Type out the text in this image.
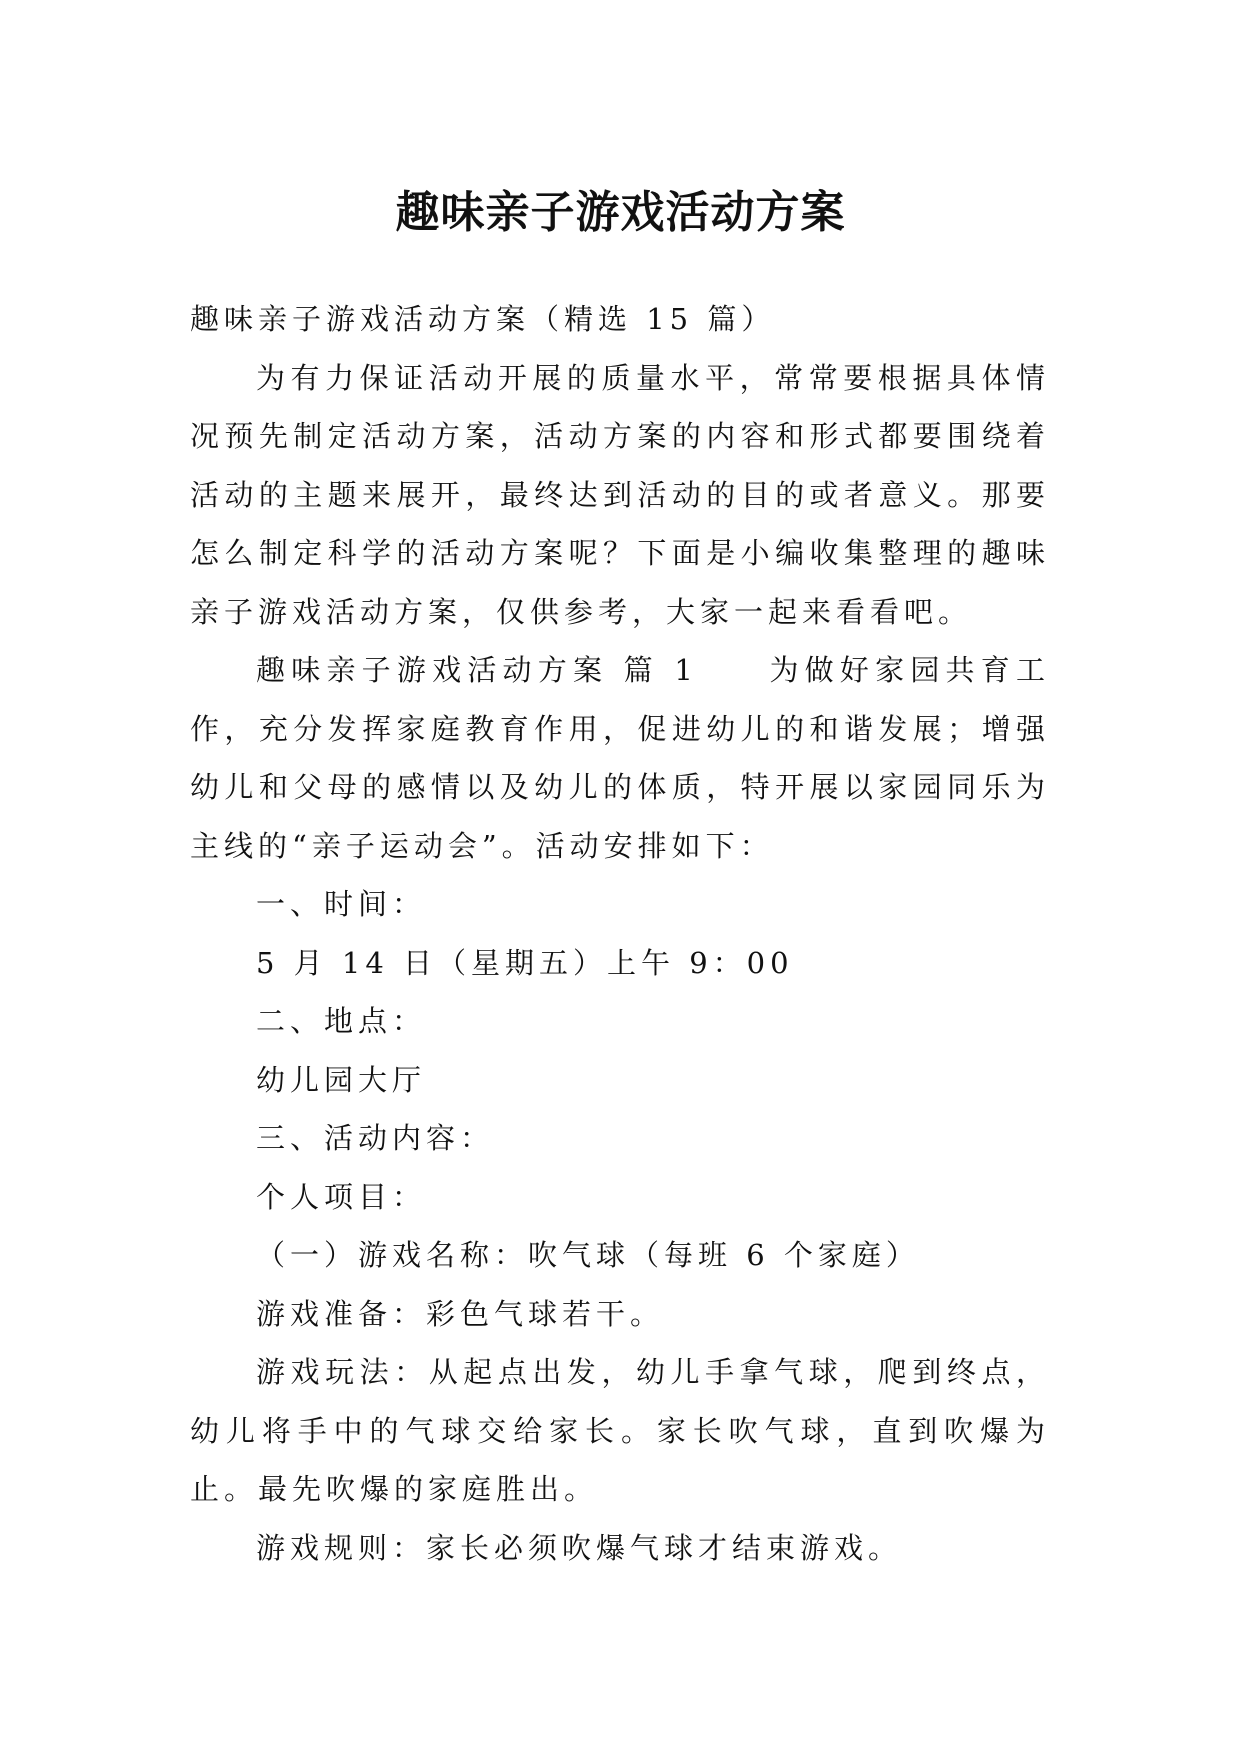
趣味亲子游戏活动方案

趣味亲子游戏活动方案（精选 15 篇）

为有力保证活动开展的质量水平，常常要根据具体情况预先制定活动方案，活动方案的内容和形式都要围绕着活动的主题来展开，最终达到活动的目的或者意义。那要怎么制定科学的活动方案呢？下面是小编收集整理的趣味亲子游戏活动方案，仅供参考，大家一起来看看吧。

趣味亲子游戏活动方案 篇 1　　为做好家园共育工作，充分发挥家庭教育作用，促进幼儿的和谐发展；增强幼儿和父母的感情以及幼儿的体质，特开展以家园同乐为主线的“亲子运动会”。活动安排如下：

一、时间：

5 月 14 日（星期五）上午 9：00

二、地点：

幼儿园大厅

三、活动内容：

个人项目：

（一）游戏名称：吹气球（每班 6 个家庭）

游戏准备：彩色气球若干。

游戏玩法：从起点出发，幼儿手拿气球，爬到终点，幼儿将手中的气球交给家长。家长吹气球，直到吹爆为止。最先吹爆的家庭胜出。

游戏规则：家长必须吹爆气球才结束游戏。
